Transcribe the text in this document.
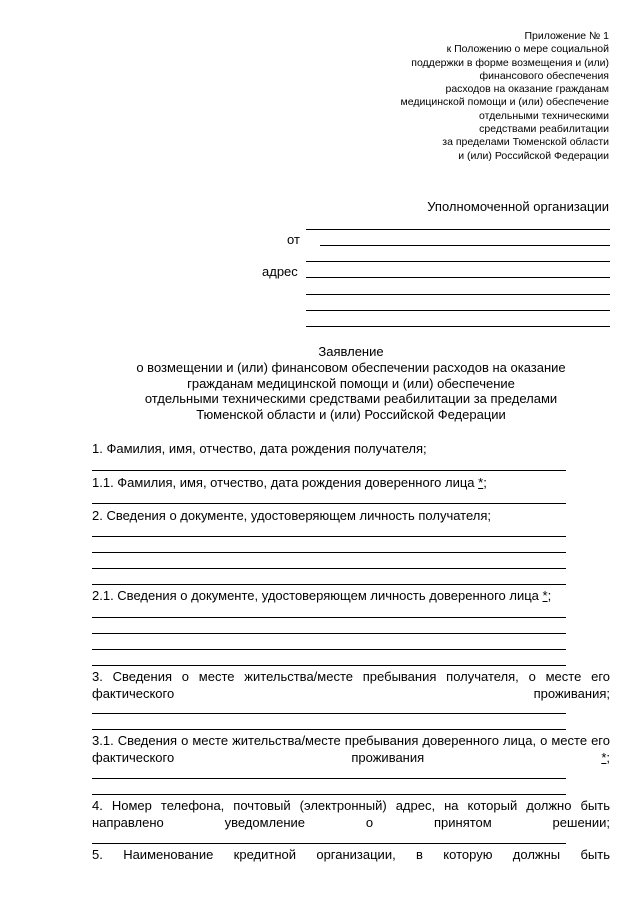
Приложение № 1
к Положению о мере социальной
поддержки в форме возмещения и (или)
финансового обеспечения
расходов на оказание гражданам
медицинской помощи и (или) обеспечение
отдельными техническими
средствами реабилитации
за пределами Тюменской области
и (или) Российской Федерации
Уполномоченной организации
от
адрес
Заявление
о возмещении и (или) финансовом обеспечении расходов на оказание
гражданам медицинской помощи и (или) обеспечение
отдельными техническими средствами реабилитации за пределами
Тюменской области и (или) Российской Федерации
1. Фамилия, имя, отчество, дата рождения получателя;
1.1. Фамилия, имя, отчество, дата рождения доверенного лица *;
2. Сведения о документе, удостоверяющем личность получателя;
2.1. Сведения о документе, удостоверяющем личность доверенного лица *;
3. Сведения о месте жительства/месте пребывания получателя, о месте его фактического проживания;
3.1. Сведения о месте жительства/месте пребывания доверенного лица, о месте его фактического проживания *;
4. Номер телефона, почтовый (электронный) адрес, на который должно быть направлено уведомление о принятом решении;
5. Наименование кредитной организации, в которую должны быть
